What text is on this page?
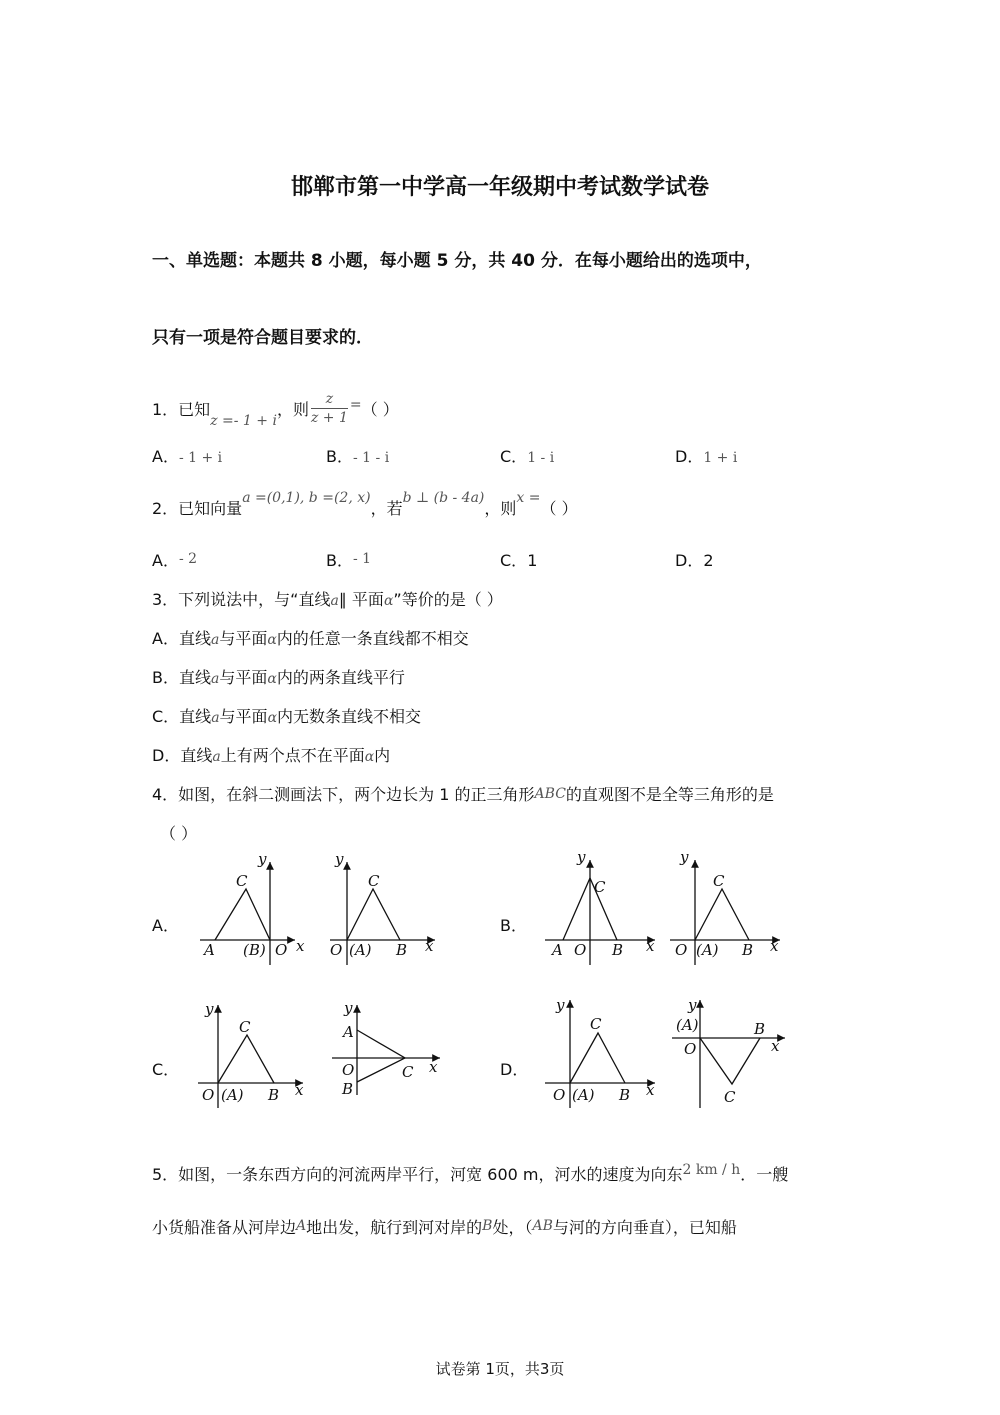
邯郸市第一中学高一年级期中考试数学试卷
一、单选题：本题共 8 小题，每小题 5 分，共 40 分．在每小题给出的选项中，
只有一项是符合题目要求的．
1．已知z =- 1 + i，则 $\frac{z}{z + 1}$ =（ ）
A．- 1 + i	B．- 1 - i	C．1 - i	D．1 + i
2．已知向量a =(0,1), b =(2, x)，若b ⊥ (b - 4a)，则x =（ ）
A．- 2	B．- 1	C．1	D．2
3．下列说法中，与“直线a∥ 平面α”等价的是（ ）
A．直线a与平面α内的任意一条直线都不相交
B．直线a与平面α内的两条直线平行
C．直线a与平面α内无数条直线不相交
D．直线a上有两个点不在平面α内
4．如图，在斜二测画法下，两个边长为 1 的正三角形ABC的直观图不是全等三角形的是
（ ）
A．	B．
C．	D．
y
C
A (B) O x
y
C
O (A) B x
y
C
A O B x
y
C
O (A) B x
y
C
O (A) B x
y
A
O
B
C x
y
C
O (A) B x
y
(A)	B
O	x
C
5．如图，一条东西方向的河流两岸平行，河宽 600 m，河水的速度为向东2 km / h．一艘
小货船准备从河岸边A地出发，航行到河对岸的B处，（AB与河的方向垂直），已知船
试卷第 1页，共3页
